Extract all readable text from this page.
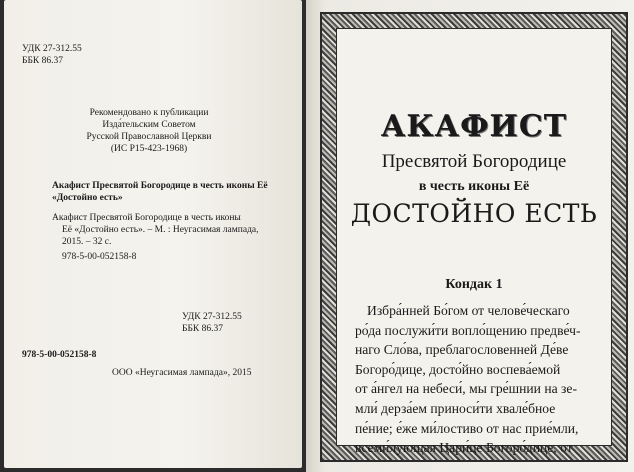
УДК 27-312.55
ББК 86.37
Рекомендовано к публикации
Изда́тельским Советом
Русской Православной Церкви
(ИС Р15-423-1968)
Акафист Пресвятой Богородице в честь иконы Её
«Достойно есть»
Акафист Пресвятой Богородице в честь иконы
Её «Достойно есть». – М. : Неугасимая лампада,
2015. – 32 с.
978-5-00-052158-8
УДК 27-312.55
ББК 86.37
978-5-00-052158-8
ООО «Неугасимая лампада», 2015
АКАФИСТ
Пресвятой Богородице
в честь иконы Её
ДОСТОЙНО ЕСТЬ
Кондак 1
Избра́нней Бо́гом от челове́ческаго
ро́да послужи́ти вопло́щению предве́ч-
наго Сло́ва, преблагословенней Де́ве
Богоро́дице, досто́йно воспева́емой
от а́нгел на небеси́, мы гре́шнии на зе-
мли́ дерза́ем приноси́ти хвале́бное
пе́ние; е́же ми́лостиво от нас прие́мли,
всеми́лующая Цари́це Богоро́дице, от
